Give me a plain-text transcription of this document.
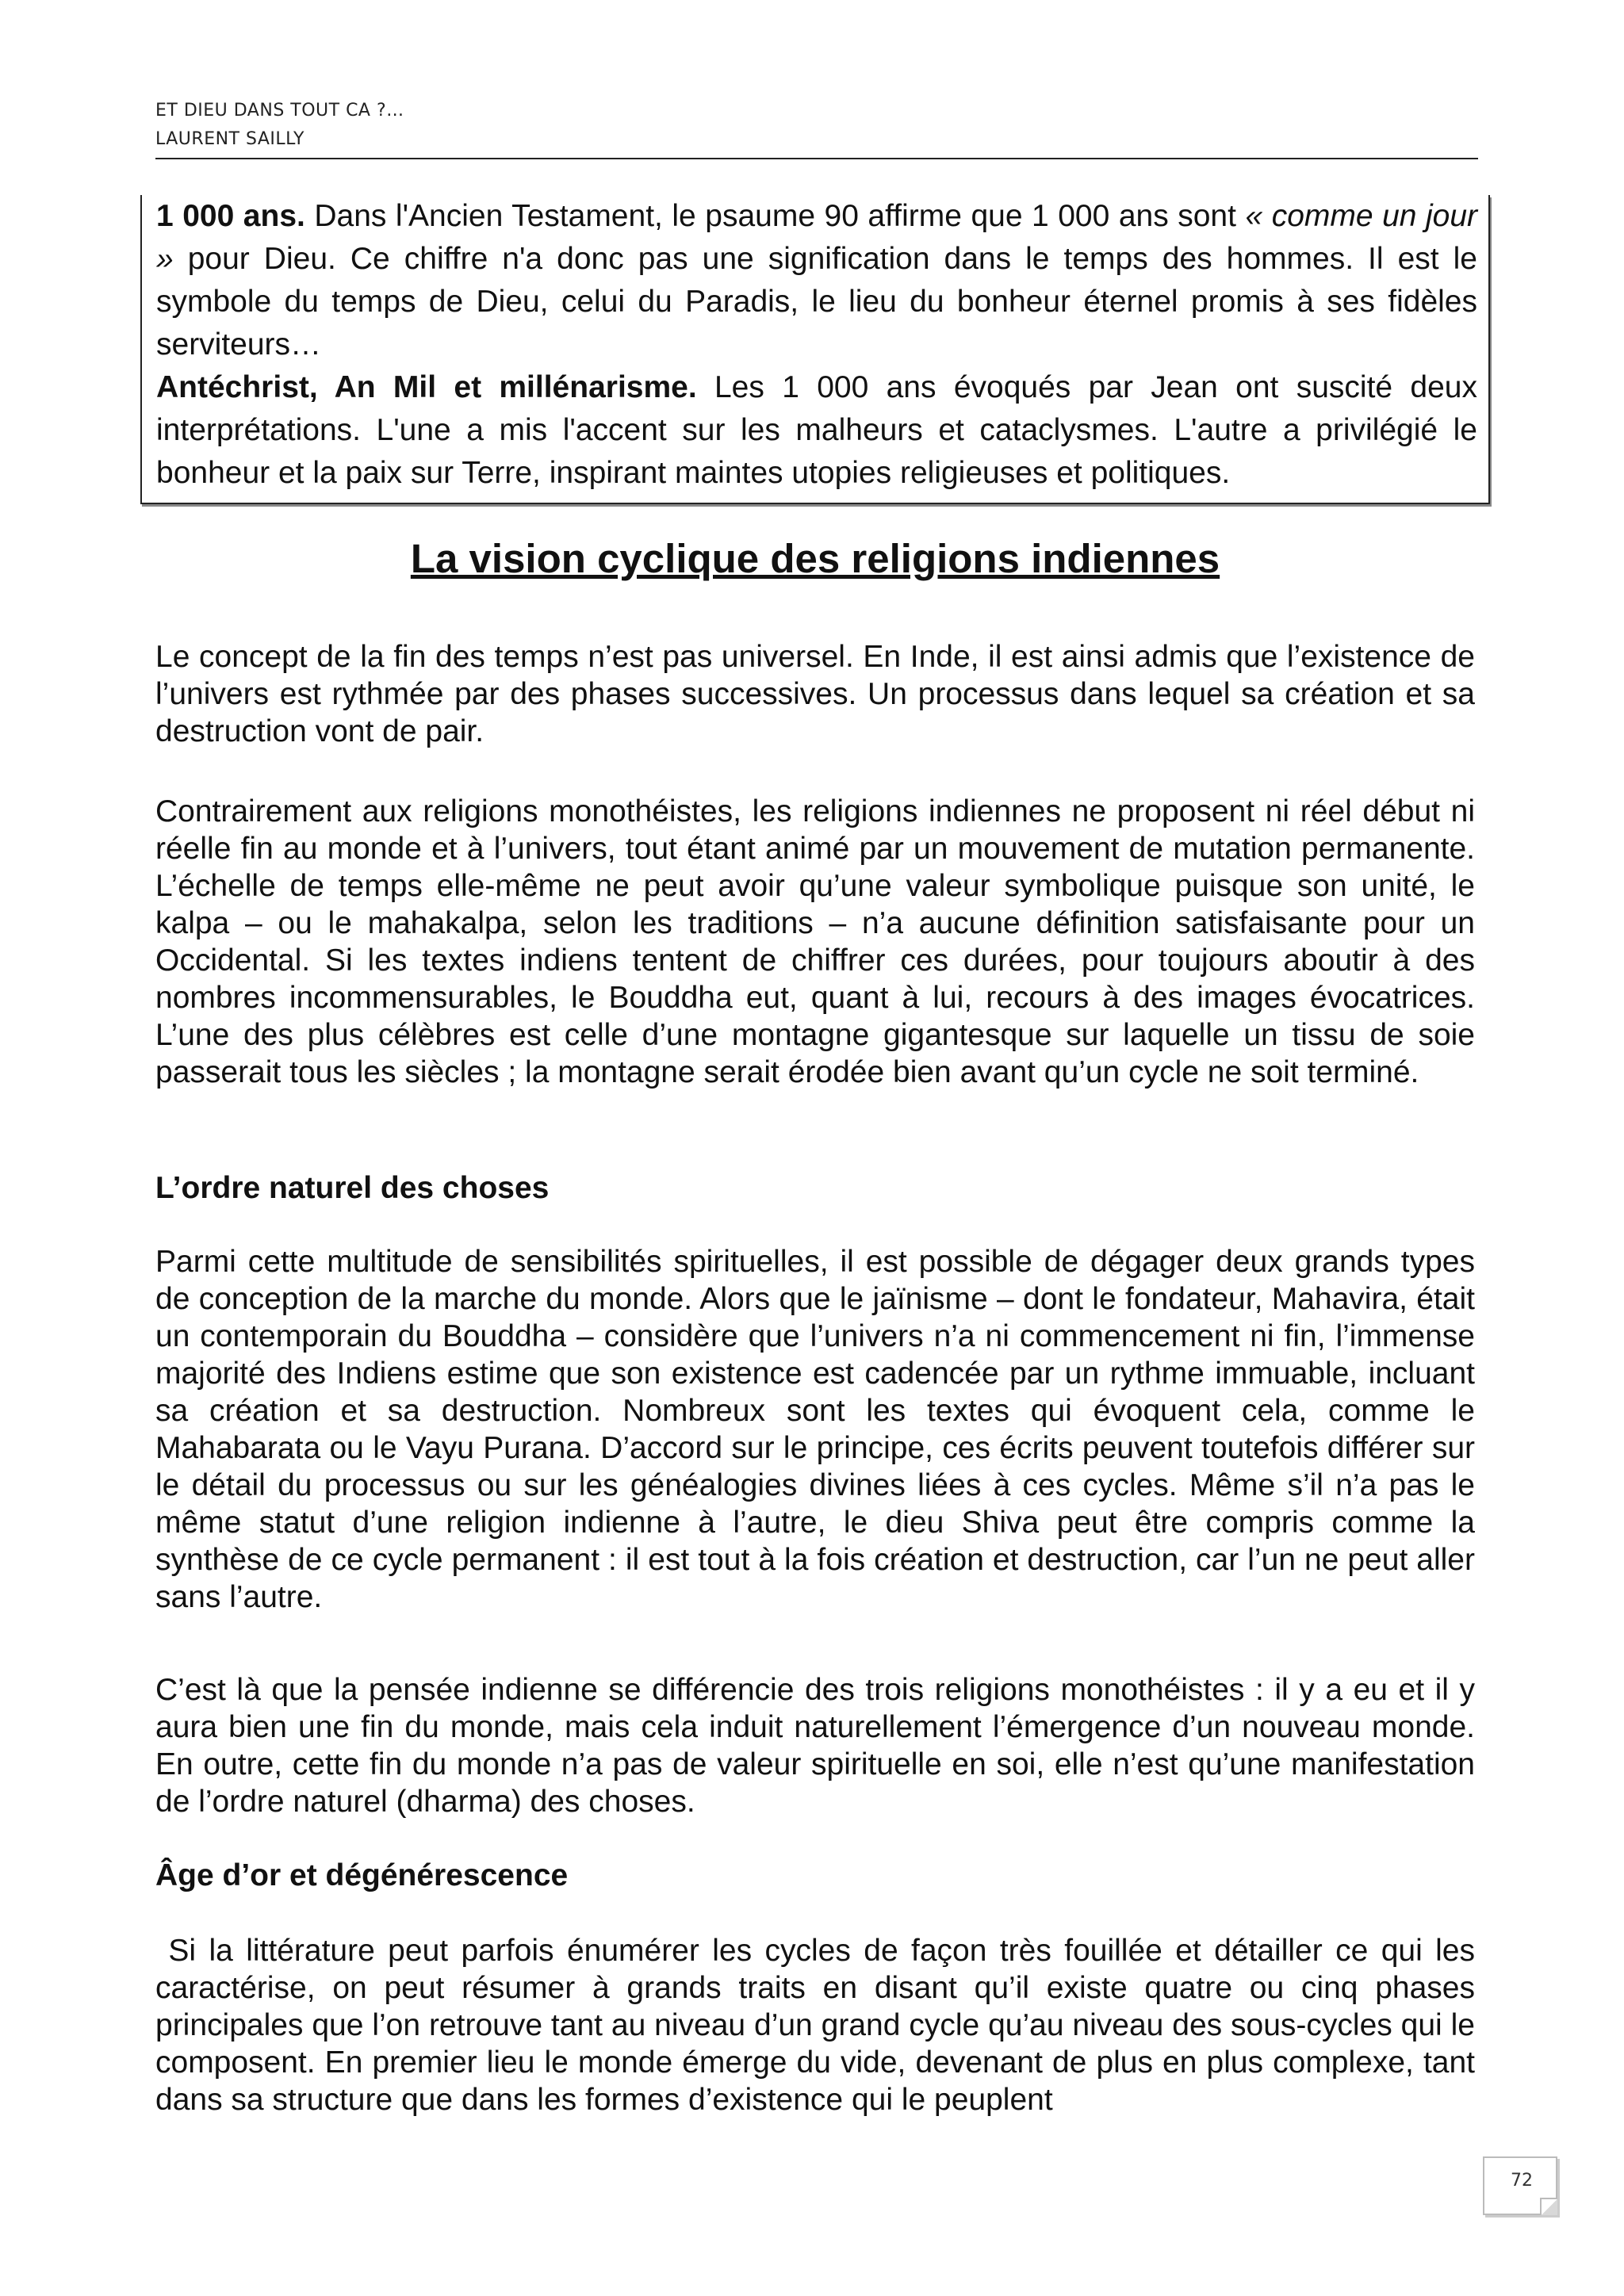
ET DIEU DANS TOUT CA ?…
LAURENT SAILLY

1 000 ans. Dans l'Ancien Testament, le psaume 90 affirme que 1 000 ans sont « comme un jour » pour Dieu. Ce chiffre n'a donc pas une signification dans le temps des hommes. Il est le symbole du temps de Dieu, celui du Paradis, le lieu du bonheur éternel promis à ses fidèles serviteurs…

Antéchrist, An Mil et millénarisme. Les 1 000 ans évoqués par Jean ont suscité deux interprétations. L'une a mis l'accent sur les malheurs et cataclysmes. L'autre a privilégié le bonheur et la paix sur Terre, inspirant maintes utopies religieuses et politiques.

La vision cyclique des religions indiennes

Le concept de la fin des temps n’est pas universel. En Inde, il est ainsi admis que l’existence de l’univers est rythmée par des phases successives. Un processus dans lequel sa création et sa destruction vont de pair.

Contrairement aux religions monothéistes, les religions indiennes ne proposent ni réel début ni réelle fin au monde et à l’univers, tout étant animé par un mouvement de mutation permanente. L’échelle de temps elle-même ne peut avoir qu’une valeur symbolique puisque son unité, le kalpa – ou le mahakalpa, selon les traditions – n’a aucune définition satisfaisante pour un Occidental. Si les textes indiens tentent de chiffrer ces durées, pour toujours aboutir à des nombres incommensurables, le Bouddha eut, quant à lui, recours à des images évocatrices. L’une des plus célèbres est celle d’une montagne gigantesque sur laquelle un tissu de soie passerait tous les siècles ; la montagne serait érodée bien avant qu’un cycle ne soit terminé.

L’ordre naturel des choses

Parmi cette multitude de sensibilités spirituelles, il est possible de dégager deux grands types de conception de la marche du monde. Alors que le jaïnisme – dont le fondateur, Mahavira, était un contemporain du Bouddha – considère que l’univers n’a ni commencement ni fin, l’immense majorité des Indiens estime que son existence est cadencée par un rythme immuable, incluant sa création et sa destruction. Nombreux sont les textes qui évoquent cela, comme le Mahabarata ou le Vayu Purana. D’accord sur le principe, ces écrits peuvent toutefois différer sur le détail du processus ou sur les généalogies divines liées à ces cycles. Même s’il n’a pas le même statut d’une religion indienne à l’autre, le dieu Shiva peut être compris comme la synthèse de ce cycle permanent : il est tout à la fois création et destruction, car l’un ne peut aller sans l’autre.

C’est là que la pensée indienne se différencie des trois religions monothéistes : il y a eu et il y aura bien une fin du monde, mais cela induit naturellement l’émergence d’un nouveau monde. En outre, cette fin du monde n’a pas de valeur spirituelle en soi, elle n’est qu’une manifestation de l’ordre naturel (dharma) des choses.

Âge d’or et dégénérescence

Si la littérature peut parfois énumérer les cycles de façon très fouillée et détailler ce qui les caractérise, on peut résumer à grands traits en disant qu’il existe quatre ou cinq phases principales que l’on retrouve tant au niveau d’un grand cycle qu’au niveau des sous-cycles qui le composent. En premier lieu le monde émerge du vide, devenant de plus en plus complexe, tant dans sa structure que dans les formes d’existence qui le peuplent

72
